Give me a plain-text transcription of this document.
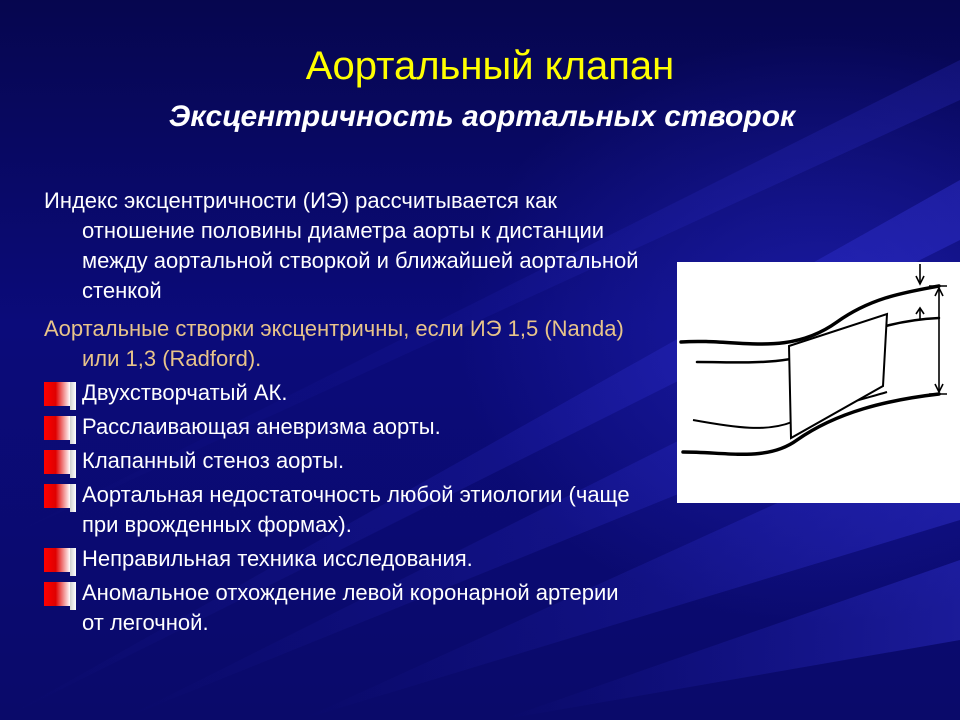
Аортальный клапан
Эксцентричность аортальных створок

Индекс эксцентричности (ИЭ) рассчитывается как отношение половины диаметра аорты к дистанции между аортальной створкой и ближайшей аортальной стенкой

Аортальные створки эксцентричны, если ИЭ 1,5 (Nanda) или 1,3 (Radford).

Двухстворчатый АК.
Расслаивающая аневризма аорты.
Клапанный стеноз аорты.
Аортальная недостаточность любой этиологии (чаще при врожденных формах).
Неправильная техника исследования.
Аномальное отхождение левой коронарной артерии от легочной.
